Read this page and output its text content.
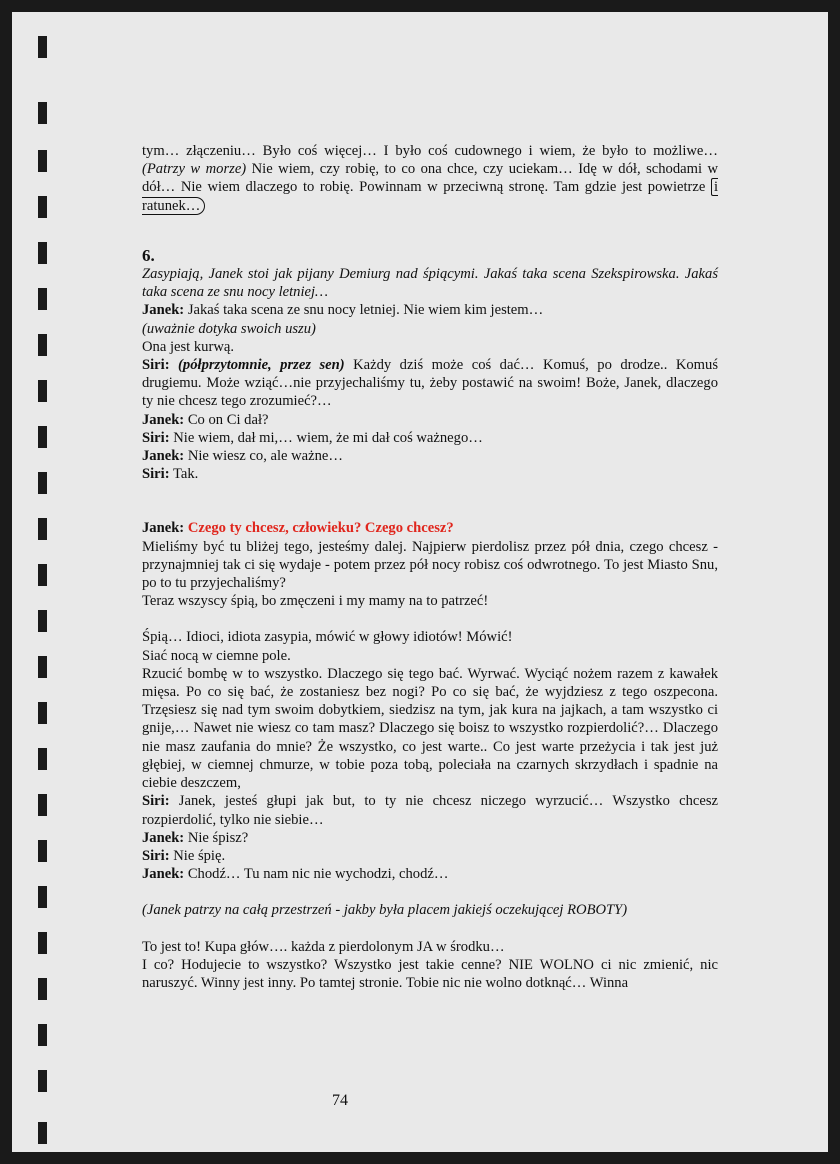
tym… złączeniu… Było coś więcej… I było coś cudownego i wiem, że było to możliwe… (Patrzy w morze) Nie wiem, czy robię, to co ona chce, czy uciekam… Idę w dół, schodami w dół… Nie wiem dlaczego to robię. Powinnam w przeciwną stronę. Tam gdzie jest powietrze i ratunek…

6.

Zasypiają, Janek stoi jak pijany Demiurg nad śpiącymi. Jakaś taka scena Szekspirowska. Jakaś taka scena ze snu nocy letniej…

Janek: Jakaś taka scena ze snu nocy letniej. Nie wiem kim jestem…

(uważnie dotyka swoich uszu)

Ona jest kurwą.

Siri: (półprzytomnie, przez sen) Każdy dziś może coś dać… Komuś, po drodze.. Komuś drugiemu. Może wziąć…nie przyjechaliśmy tu, żeby postawić na swoim! Boże, Janek, dlaczego ty nie chcesz tego zrozumieć?…

Janek: Co on Ci dał?

Siri: Nie wiem, dał mi,… wiem, że mi dał coś ważnego…

Janek: Nie wiesz co, ale ważne…

Siri: Tak.

Janek: Czego ty chcesz, człowieku? Czego chcesz?

Mieliśmy być tu bliżej tego, jesteśmy dalej. Najpierw pierdolisz przez pół dnia, czego chcesz - przynajmniej tak ci się wydaje - potem przez pół nocy robisz coś odwrotnego. To jest Miasto Snu, po to tu przyjechaliśmy?

Teraz wszyscy śpią, bo zmęczeni i my mamy na to patrzeć!

Śpią… Idioci, idiota zasypia, mówić w głowy idiotów! Mówić!

Siać nocą w ciemne pole.

Rzucić bombę w to wszystko. Dlaczego się tego bać. Wyrwać. Wyciąć nożem razem z kawałek mięsa. Po co się bać, że zostaniesz bez nogi? Po co się bać, że wyjdziesz z tego oszpecona. Trzęsiesz się nad tym swoim dobytkiem, siedzisz na tym, jak kura na jajkach, a tam wszystko ci gnije,… Nawet nie wiesz co tam masz? Dlaczego się boisz to wszystko rozpierdolić?… Dlaczego nie masz zaufania do mnie? Że wszystko, co jest warte.. Co jest warte przeżycia i tak jest już głębiej, w ciemnej chmurze, w tobie poza tobą, poleciała na czarnych skrzydłach i spadnie na ciebie deszczem,

Siri: Janek, jesteś głupi jak but, to ty nie chcesz niczego wyrzucić… Wszystko chcesz rozpierdolić, tylko nie siebie…

Janek: Nie śpisz?

Siri: Nie śpię.

Janek: Chodź… Tu nam nic nie wychodzi, chodź…

(Janek patrzy na całą przestrzeń - jakby była placem jakiejś oczekującej ROBOTY)

To jest to! Kupa głów…. każda z pierdolonym JA w środku…

I co? Hodujecie to wszystko? Wszystko jest takie cenne? NIE WOLNO ci nic zmienić, nic naruszyć. Winny jest inny. Po tamtej stronie. Tobie nic nie wolno dotknąć… Winna

74
